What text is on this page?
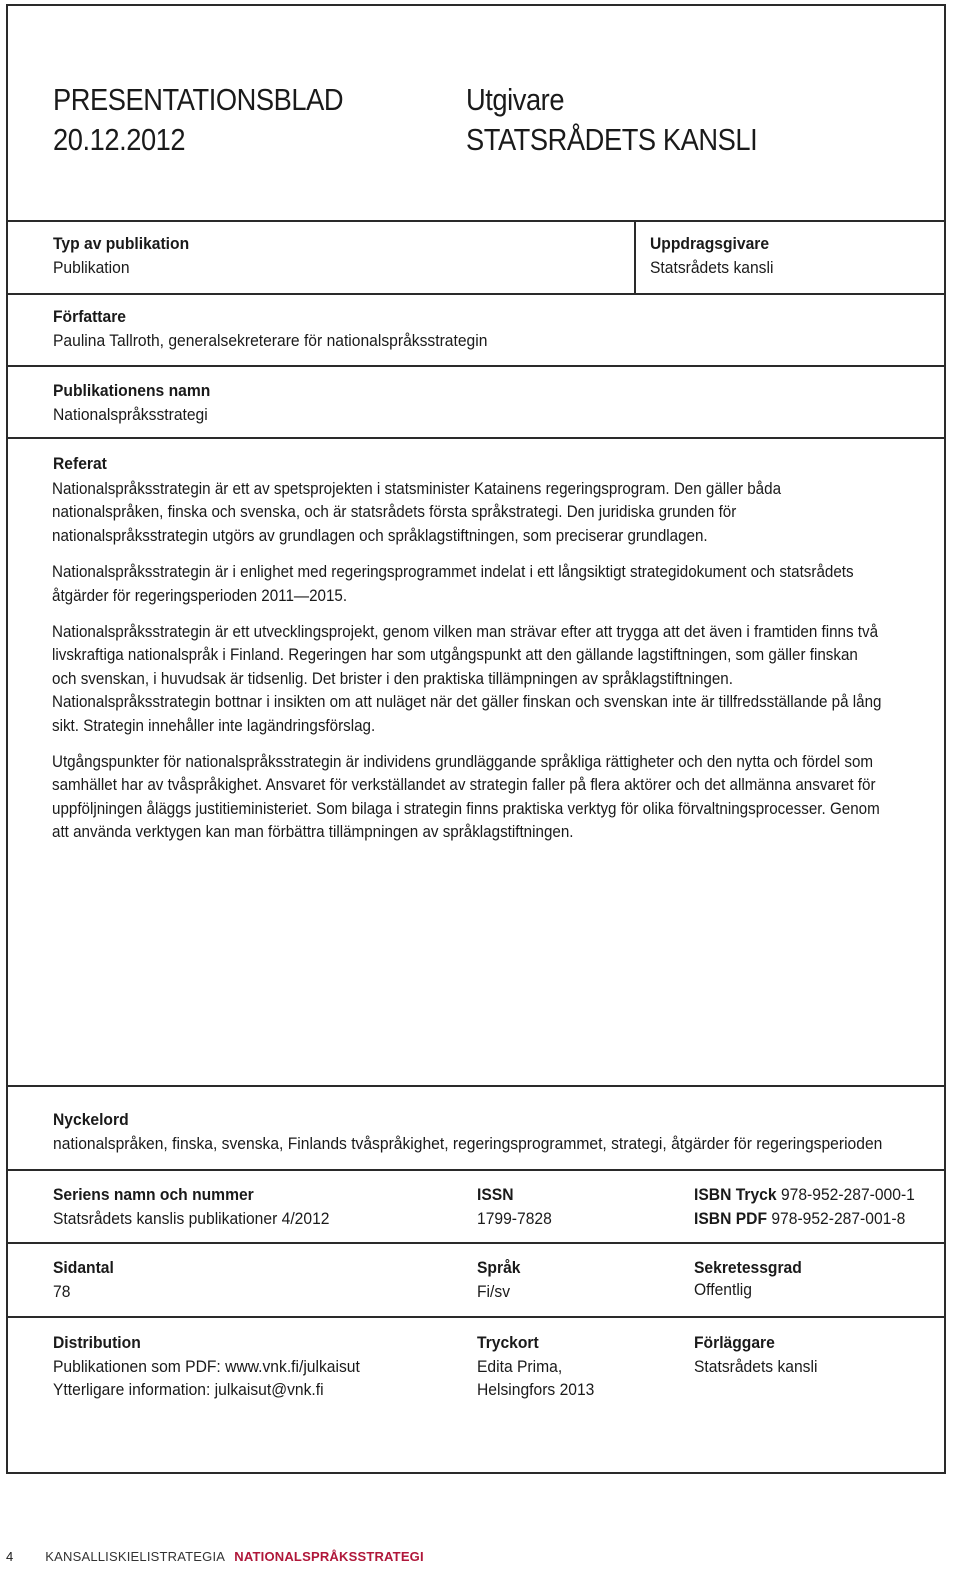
PRESENTATIONSBLAD
20.12.2012
Utgivare
STATSRÅDETS KANSLI
Typ av publikation
Publikation
Uppdragsgivare
Statsrådets kansli
Författare
Paulina Tallroth, generalsekreterare för nationalspråksstrategin
Publikationens namn
Nationalspråksstrategi
Referat

Nationalspråksstrategin är ett av spetsprojekten i statsminister Katainens regeringsprogram. Den gäller båda nationalspråken, finska och svenska, och är statsrådets första språkstrategi. Den juridiska grunden för nationalspråksstrategin utgörs av grundlagen och språklagstiftningen, som preciserar grundlagen.

Nationalspråksstrategin är i enlighet med regeringsprogrammet indelat i ett långsiktigt strategidokument och statsrådets åtgärder för regeringsperioden 2011—2015.

Nationalspråksstrategin är ett utvecklingsprojekt, genom vilken man strävar efter att trygga att det även i framtiden finns två livskraftiga nationalspråk i Finland. Regeringen har som utgångspunkt att den gällande lagstiftningen, som gäller finskan och svenskan, i huvudsak är tidsenlig. Det brister i den praktiska tillämpningen av språklagstiftningen. Nationalspråksstrategin bottnar i insikten om att nuläget när det gäller finskan och svenskan inte är tillfredsställande på lång sikt. Strategin innehåller inte lagändringsförslag.

Utgångspunkter för nationalspråksstrategin är individens grundläggande språkliga rättigheter och den nytta och fördel som samhället har av tvåspråkighet. Ansvaret för verkställandet av strategin faller på flera aktörer och det allmänna ansvaret för uppföljningen åläggs justitieministeriet. Som bilaga i strategin finns praktiska verktyg för olika förvaltningsprocesser. Genom att använda verktygen kan man förbättra tillämpningen av språklagstiftningen.

Nyckelord
nationalspråken, finska, svenska, Finlands tvåspråkighet, regeringsprogrammet, strategi, åtgärder för regeringsperioden
Seriens namn och nummer
Statsrådets kanslis publikationer 4/2012
ISSN
1799-7828
ISBN Tryck 978-952-287-000-1
ISBN PDF 978-952-287-001-8
Sidantal
78
Språk
Fi/sv
Sekretessgrad
Offentlig
Distribution
Publikationen som PDF: www.vnk.fi/julkaisut
Ytterligare information: julkaisut@vnk.fi
Tryckort
Edita Prima,
Helsingfors 2013
Förläggare
Statsrådets kansli
4 KANSALLISKIELISTRATEGIA NATIONALSPRÅKSSTRATEGI
